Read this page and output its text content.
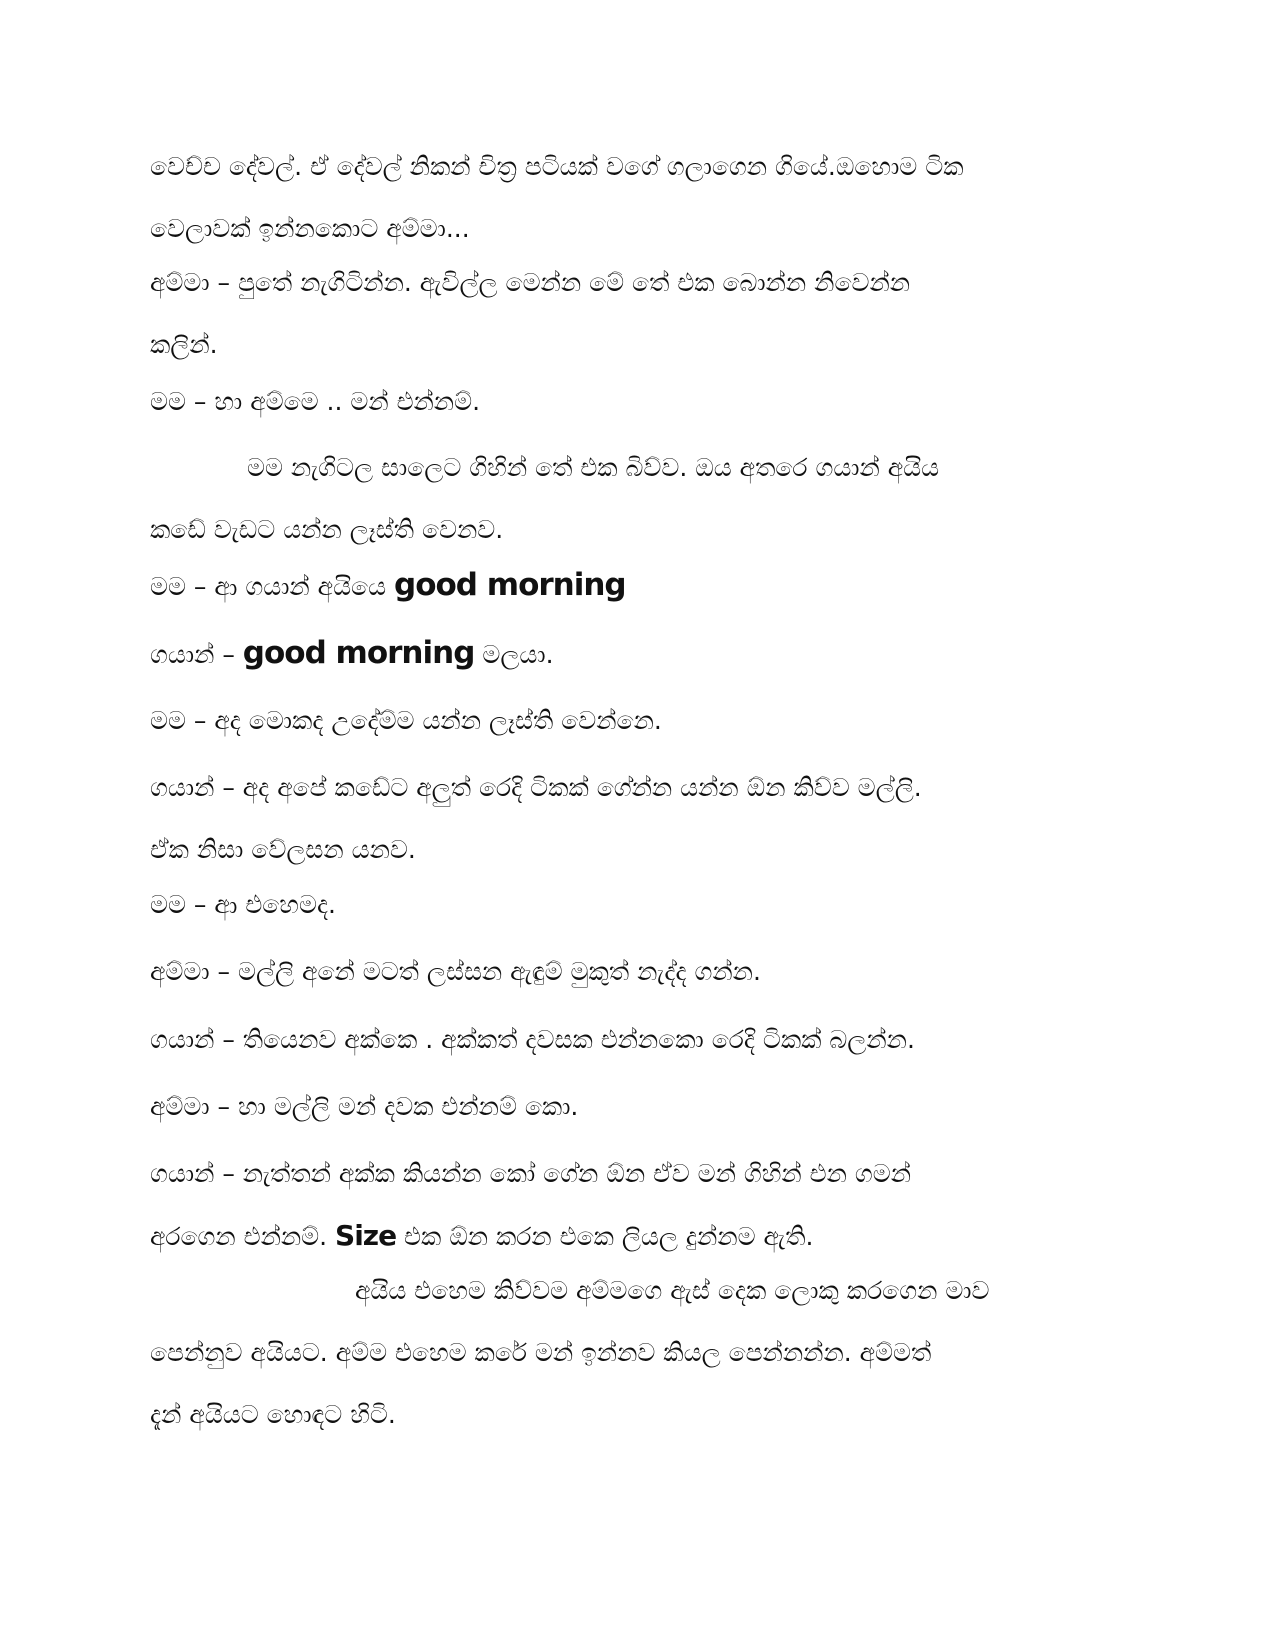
වෙච්ච දේවල්. ඒ දේවල් නිකන් චිත්‍ර පටියක් වගේ ගලාගෙන ගියේ.ඔහොම ටික
වෙලාවක් ඉන්නකොට අම්මා...
අම්මා – පුතේ නැගිටින්න. ඇවිල්ල මෙන්න මේ තේ එක බොන්න නිවෙන්න
කලින්.
මම – හා අම්මෙ .. මන් එන්නම්.
මම නැගිටල සාලෙට ගිහින් තේ එක බිව්ව. ඔය අතරෙ ගයාන් අයිය
කඩේ වැඩට යන්න ලෑස්ති වෙනව.
මම – ආ ගයාන් අයියෙ good morning
ගයාන් – good morning මලයා.
මම – අද මොකද උදේම්ම යන්න ලෑස්ති වෙන්නෙ.
ගයාන් – අද අපේ කඩේට අලුත් රෙදි ටිකක් ගේන්න යන්න ඕන කිව්ව මල්ලි.
ඒක නිසා වේලසන යනව.
මම – ආ එහෙමද.
අම්මා – මල්ලි අනේ මටත් ලස්සන ඇඳුම් මුකුත් නැද්ද ගන්න.
ගයාන් – තියෙනව අක්කෙ . අක්කත් දවසක එන්නකො රෙදි ටිකක් බලන්න.
අම්මා – හා මල්ලි මන් දවක එන්නම් කො.
ගයාන් – නැත්තන් අක්ක කියන්න කෝ ගේන ඕන ඒව මන් ගිහින් එන ගමන්
අරගෙන එන්නම්. Size එක ඕන කරන එකෙ ලියල දුන්නම ඇති.
අයිය එහෙම කිව්වම අම්මගෙ ඇස් දෙක ලොකු කරගෙන මාව
පෙන්නුව අයියට. අම්ම එහෙම කරේ මන් ඉන්නව කියල පෙන්නන්න. අම්මත්
දැන් අයියට හොඳට හිටි.
